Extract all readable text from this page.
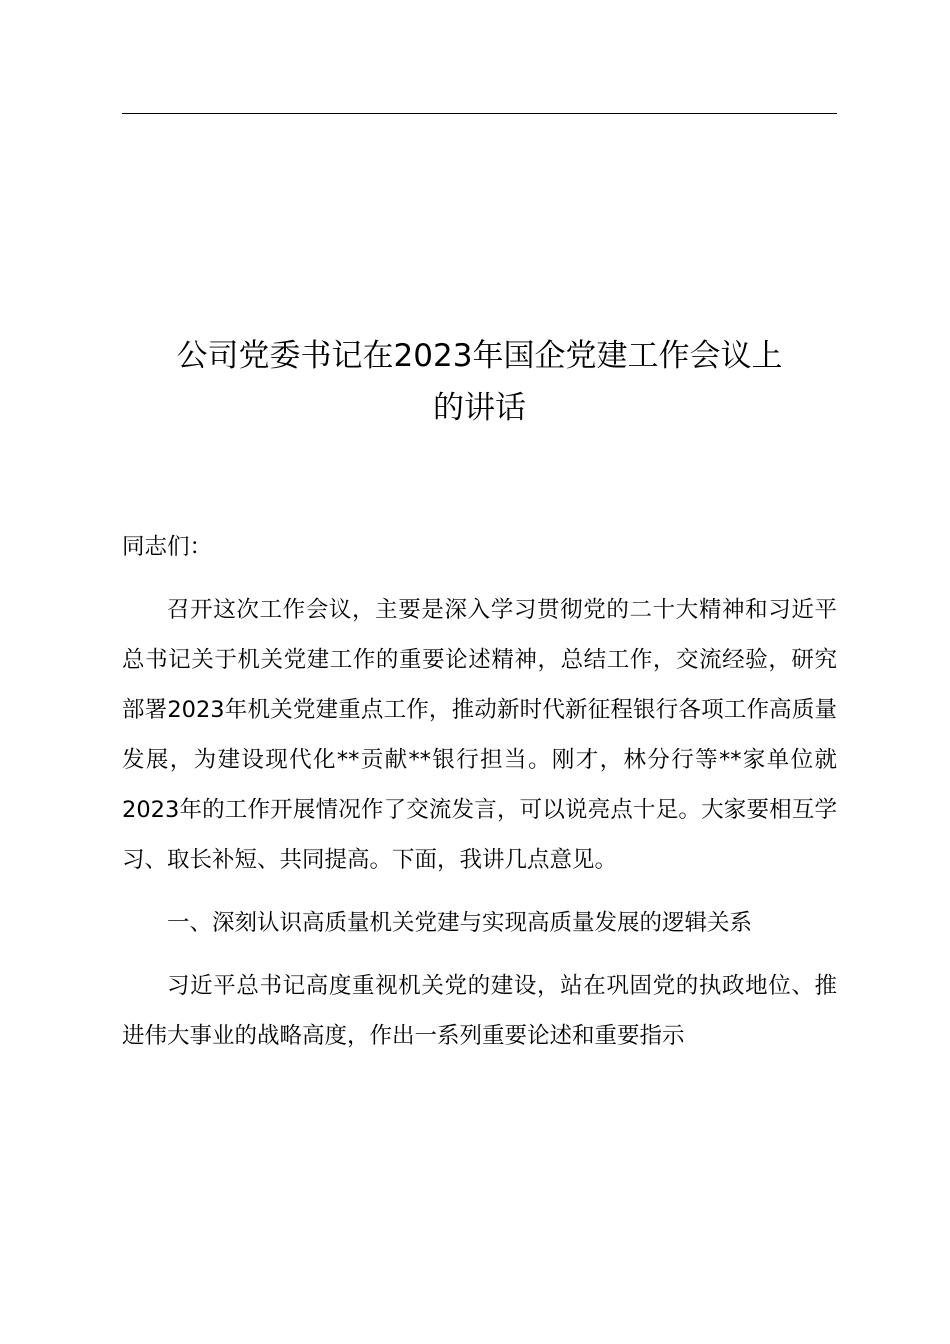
公司党委书记在2023年国企党建工作会议上
的讲话

同志们：

召开这次工作会议，主要是深入学习贯彻党的二十大精神和习近平总书记关于机关党建工作的重要论述精神，总结工作，交流经验，研究部署2023年机关党建重点工作，推动新时代新征程银行各项工作高质量发展，为建设现代化**贡献**银行担当。刚才，林分行等**家单位就2023年的工作开展情况作了交流发言，可以说亮点十足。大家要相互学习、取长补短、共同提高。下面，我讲几点意见。

一、深刻认识高质量机关党建与实现高质量发展的逻辑关系

习近平总书记高度重视机关党的建设，站在巩固党的执政地位、推进伟大事业的战略高度，作出一系列重要论述和重要指示
